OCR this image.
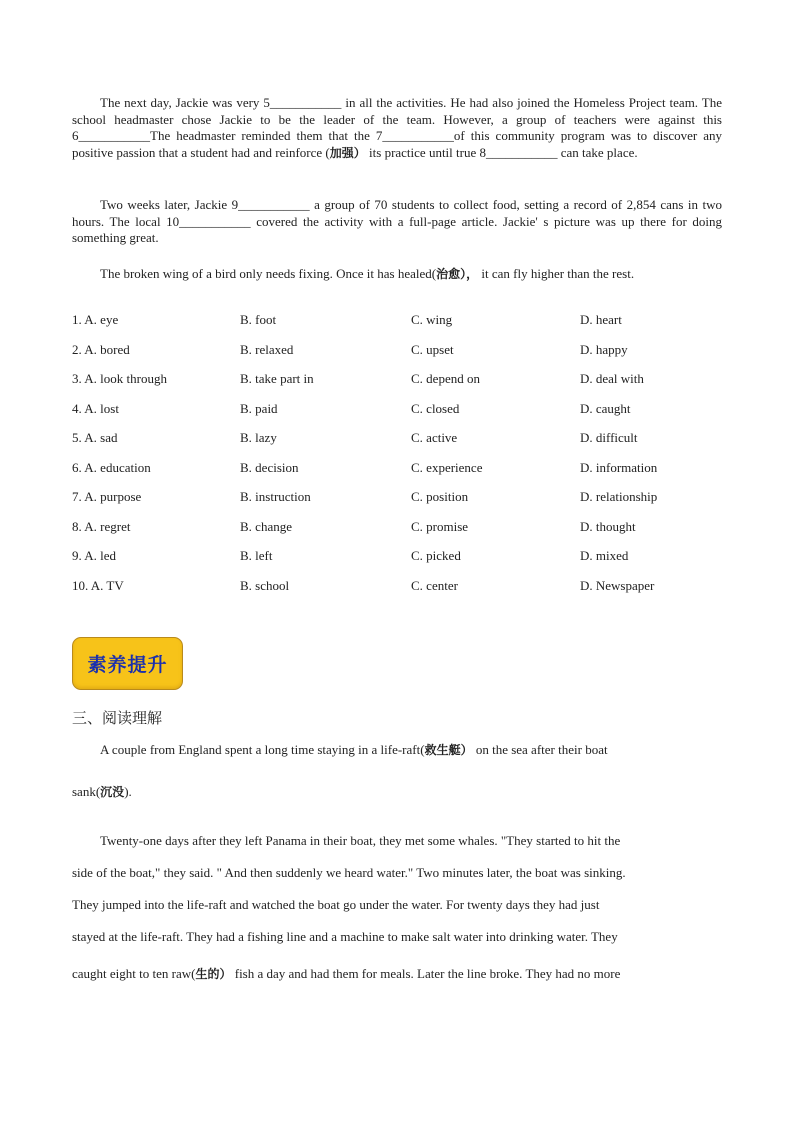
The next day, Jackie was very 5___________ in all the activities. He had also joined the Homeless Project team. The school headmaster chose Jackie to be the leader of the team. However, a group of teachers were against this 6___________The headmaster reminded them that the 7___________of this community program was to discover any positive passion that a student had and reinforce (加强） its practice until true 8___________ can take place.

Two weeks later, Jackie 9___________ a group of 70 students to collect food, setting a record of 2,854 cans in two hours. The local 10___________ covered the activity with a full-page article. Jackie' s picture was up there for doing something great.

The broken wing of a bird only needs fixing. Once it has healed(治愈）， it can fly higher than the rest.

1. A. eye	B. foot	C. wing	D. heart
2. A. bored	B. relaxed	C. upset	D. happy
3. A. look through	B. take part in	C. depend on	D. deal with
4. A. lost	B. paid	C. closed	D. caught
5. A. sad	B. lazy	C. active	D. difficult
6. A. education	B. decision	C. experience	D. information
7. A. purpose	B. instruction	C. position	D. relationship
8. A. regret	B. change	C. promise	D. thought
9. A. led	B. left	C. picked	D. mixed
10. A. TV	B. school	C. center	D. Newspaper
素养提升
三、阅读理解
A couple from England spent a long time staying in a life-raft(救生艇） on the sea after their boat
sank(沉没).
Twenty-one days after they left Panama in their boat, they met some whales. "They started to hit the
side of the boat," they said. " And then suddenly we heard water." Two minutes later, the boat was sinking.
They jumped into the life-raft and watched the boat go under the water. For twenty days they had just
stayed at the life-raft. They had a fishing line and a machine to make salt water into drinking water. They
caught eight to ten raw(生的） fish a day and had them for meals. Later the line broke. They had no more
